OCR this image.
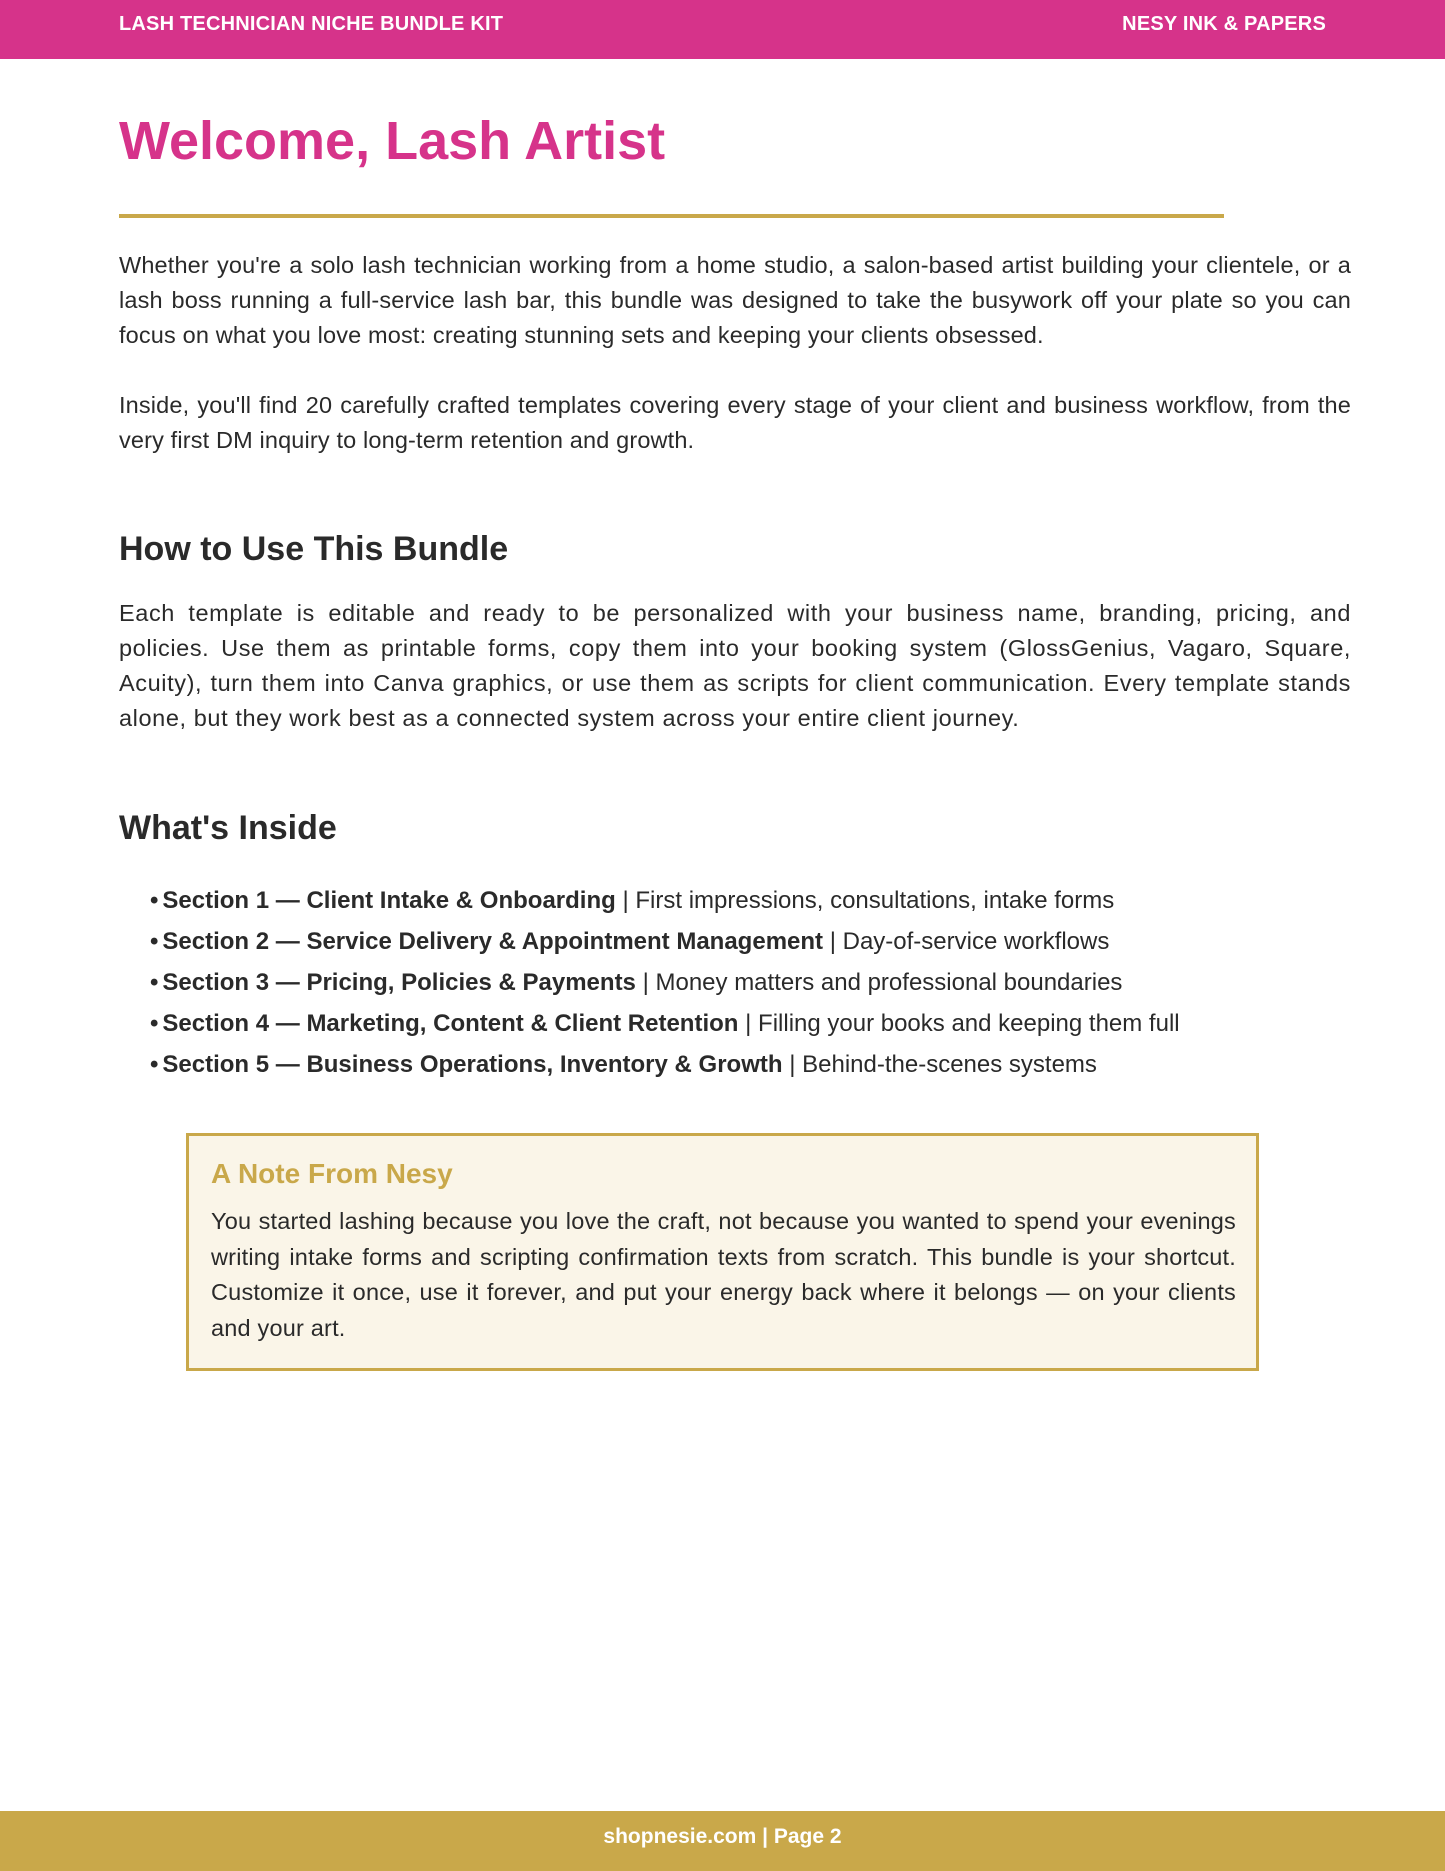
LASH TECHNICIAN NICHE BUNDLE KIT	NESY INK & PAPERS
Welcome, Lash Artist

Whether you're a solo lash technician working from a home studio, a salon-based artist building your clientele, or a lash boss running a full-service lash bar, this bundle was designed to take the busywork off your plate so you can focus on what you love most: creating stunning sets and keeping your clients obsessed.

Inside, you'll find 20 carefully crafted templates covering every stage of your client and business workflow, from the very first DM inquiry to long-term retention and growth.

How to Use This Bundle

Each template is editable and ready to be personalized with your business name, branding, pricing, and policies. Use them as printable forms, copy them into your booking system (GlossGenius, Vagaro, Square, Acuity), turn them into Canva graphics, or use them as scripts for client communication. Every template stands alone, but they work best as a connected system across your entire client journey.

What's Inside
• Section 1 — Client Intake & Onboarding | First impressions, consultations, intake forms
• Section 2 — Service Delivery & Appointment Management | Day-of-service workflows
• Section 3 — Pricing, Policies & Payments | Money matters and professional boundaries
• Section 4 — Marketing, Content & Client Retention | Filling your books and keeping them full
• Section 5 — Business Operations, Inventory & Growth | Behind-the-scenes systems
A Note From Nesy

You started lashing because you love the craft, not because you wanted to spend your evenings writing intake forms and scripting confirmation texts from scratch. This bundle is your shortcut. Customize it once, use it forever, and put your energy back where it belongs — on your clients and your art.

shopnesie.com | Page 2
